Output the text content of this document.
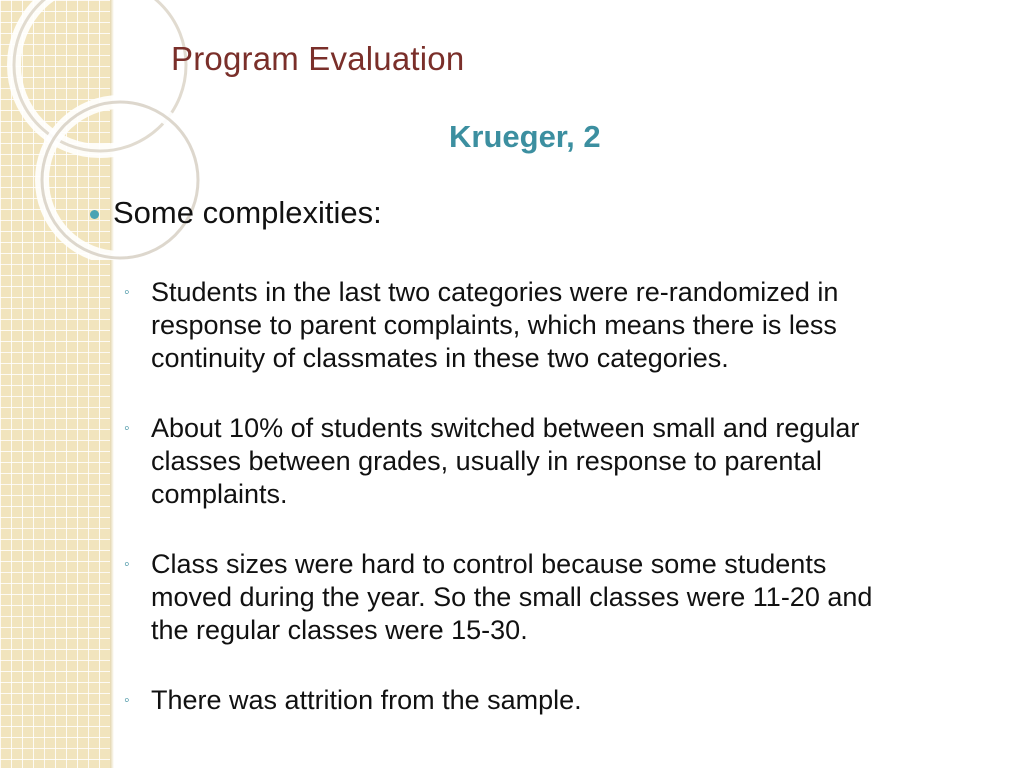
Program Evaluation
Krueger, 2
Some complexities:
◦ Students in the last two categories were re-randomized in
response to parent complaints, which means there is less
continuity of classmates in these two categories.
◦ About 10% of students switched between small and regular
classes between grades, usually in response to parental
complaints.
◦ Class sizes were hard to control because some students
moved during the year. So the small classes were 11-20 and
the regular classes were 15-30.
◦ There was attrition from the sample.
